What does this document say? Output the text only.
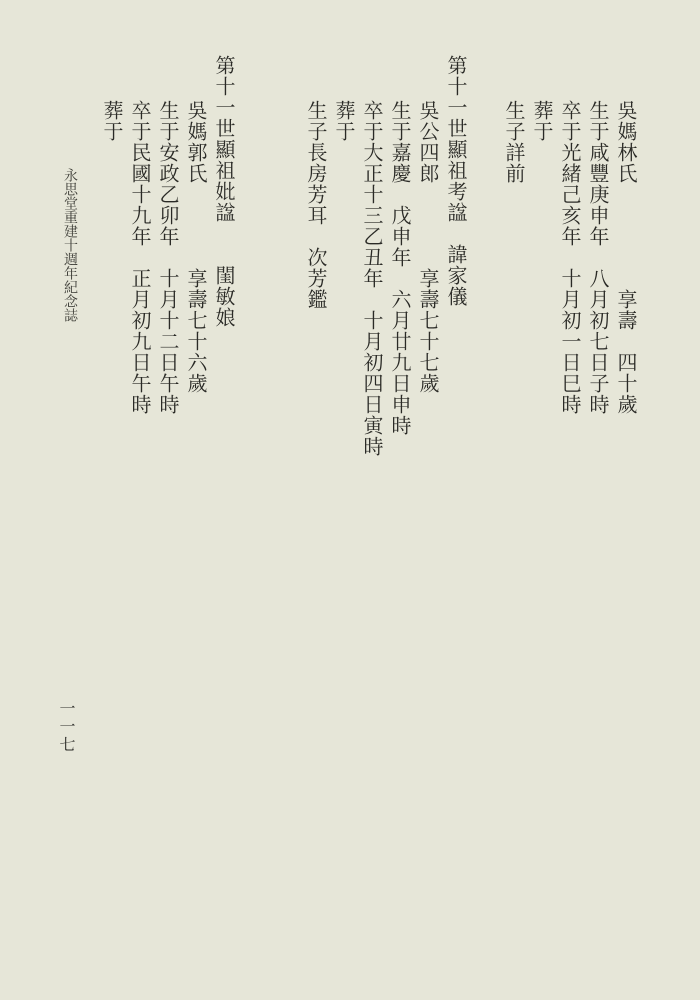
吳媽林氏　　　　　享壽　四十歲
生于咸豐庚申年　八月初七日子時
卒于光緒己亥年　十月初一日巳時
葬于
生子詳前
第十一世顯祖考諡　諱家儀
吳公四郎　　　　享壽七十七歲
生于嘉慶　戊申年　六月廿九日申時
卒于大正十三乙丑年　十月初四日寅時
葬于
生子長房芳耳　次芳鑑
第十一世顯祖妣諡　　閨敏娘
吳媽郭氏　　　　享壽七十六歲
生于安政乙卯年　十月十二日午時
卒于民國十九年　正月初九日午時
葬于
永思堂重建十週年紀念誌
一一七
